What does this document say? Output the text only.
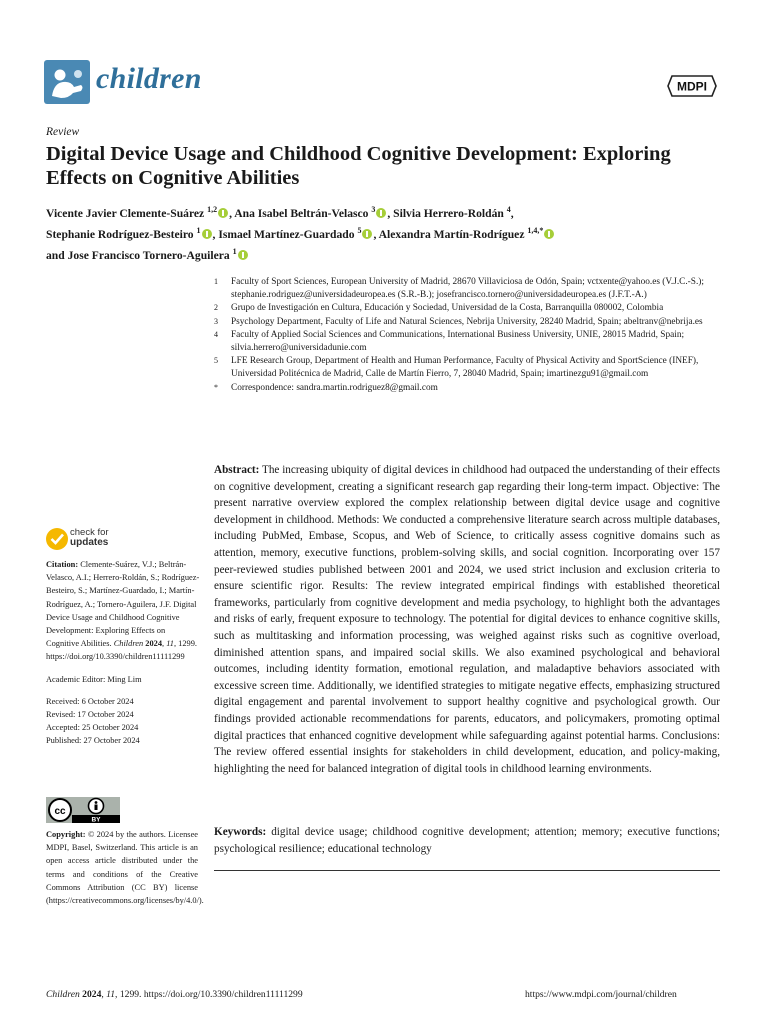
children	MDPI
Review
Digital Device Usage and Childhood Cognitive Development: Exploring Effects on Cognitive Abilities
Vicente Javier Clemente-Suárez $^{1,2}$ , Ana Isabel Beltrán-Velasco $^3$ , Silvia Herrero-Roldán $^4$,
Stephanie Rodríguez-Besteiro $^1$ , Ismael Martínez-Guardado $^5$ , Alexandra Martín-Rodríguez $^{1,4,*}$
and Jose Francisco Tornero-Aguilera $^1$
1	Faculty of Sport Sciences, European University of Madrid, 28670 Villaviciosa de Odón, Spain; vctxente@yahoo.es (V.J.C.-S.); stephanie.rodriguez@universidadeuropea.es (S.R.-B.); josefrancisco.tornero@universidadeuropea.es (J.F.T.-A.)
2	Grupo de Investigación en Cultura, Educación y Sociedad, Universidad de la Costa, Barranquilla 080002, Colombia
3	Psychology Department, Faculty of Life and Natural Sciences, Nebrija University, 28240 Madrid, Spain; abeltranv@nebrija.es
4	Faculty of Applied Social Sciences and Communications, International Business University, UNIE, 28015 Madrid, Spain; silvia.herrero@universidadunie.com
5	LFE Research Group, Department of Health and Human Performance, Faculty of Physical Activity and SportScience (INEF), Universidad Politécnica de Madrid, Calle de Martín Fierro, 7, 28040 Madrid, Spain; imartinezgu91@gmail.com
*	Correspondence: sandra.martin.rodriguez8@gmail.com
Abstract: The increasing ubiquity of digital devices in childhood had outpaced the understanding of their effects on cognitive development, creating a significant research gap regarding their long-term impact. Objective: The present narrative overview explored the complex relationship between digital device usage and cognitive development in childhood. Methods: We conducted a comprehensive literature search across multiple databases, including PubMed, Embase, Scopus, and Web of Science, to critically assess cognitive domains such as attention, memory, executive functions, problem-solving skills, and social cognition. Incorporating over 157 peer-reviewed studies published between 2001 and 2024, we used strict inclusion and exclusion criteria to ensure scientific rigor. Results: The review integrated empirical findings with established theoretical frameworks, particularly from cognitive development and media psychology, to highlight both the advantages and risks of early, frequent exposure to technology. The potential for digital devices to enhance cognitive skills, such as multitasking and information processing, was weighed against risks such as cognitive overload, diminished attention spans, and impaired social skills. We also examined psychological and behavioral outcomes, including identity formation, emotional regulation, and maladaptive behaviors associated with excessive screen time. Additionally, we identified strategies to mitigate negative effects, emphasizing structured digital engagement and parental involvement to support healthy cognitive and psychological growth. Our findings provided actionable recommendations for parents, educators, and policymakers, promoting optimal digital practices that enhanced cognitive development while safeguarding against potential harms. Conclusions: The review offered essential insights for stakeholders in child development, education, and policy-making, highlighting the need for balanced integration of digital tools in childhood learning environments.
Keywords: digital device usage; childhood cognitive development; attention; memory; executive functions; psychological resilience; educational technology
check for
updates
Citation: Clemente-Suárez, V.J.; Beltrán-Velasco, A.I.; Herrero-Roldán, S.; Rodríguez-Besteiro, S.; Martínez-Guardado, I.; Martín-Rodríguez, A.; Tornero-Aguilera, J.F. Digital Device Usage and Childhood Cognitive Development: Exploring Effects on Cognitive Abilities. Children 2024, 11, 1299. https://doi.org/10.3390/children11111299
Academic Editor: Ming Lim
Received: 6 October 2024
Revised: 17 October 2024
Accepted: 25 October 2024
Published: 27 October 2024
cc
BY
Copyright: © 2024 by the authors. Licensee MDPI, Basel, Switzerland. This article is an open access article distributed under the terms and conditions of the Creative Commons Attribution (CC BY) license (https://creativecommons.org/licenses/by/4.0/).
Children 2024, 11, 1299. https://doi.org/10.3390/children11111299	https://www.mdpi.com/journal/children
